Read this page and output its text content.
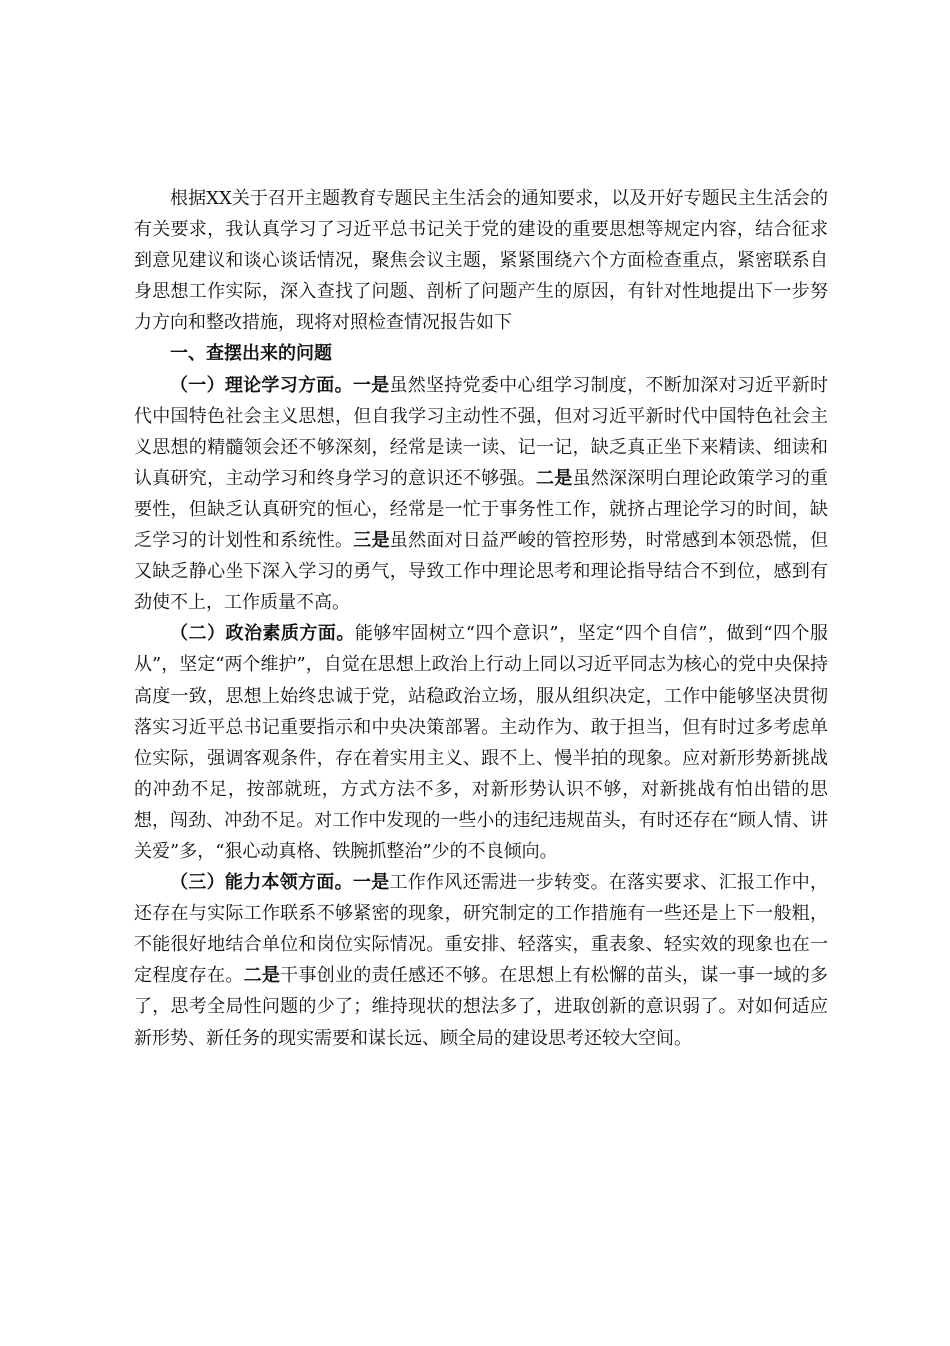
根据XX关于召开主题教育专题民主生活会的通知要求，以及开好专题民主生活会的有关要求，我认真学习了习近平总书记关于党的建设的重要思想等规定内容，结合征求到意见建议和谈心谈话情况，聚焦会议主题，紧紧围绕六个方面检查重点，紧密联系自身思想工作实际，深入查找了问题、剖析了问题产生的原因，有针对性地提出下一步努力方向和整改措施，现将对照检查情况报告如下

一、查摆出来的问题

（一）理论学习方面。一是虽然坚持党委中心组学习制度，不断加深对习近平新时代中国特色社会主义思想，但自我学习主动性不强，但对习近平新时代中国特色社会主义思想的精髓领会还不够深刻，经常是读一读、记一记，缺乏真正坐下来精读、细读和认真研究，主动学习和终身学习的意识还不够强。二是虽然深深明白理论政策学习的重要性，但缺乏认真研究的恒心，经常是一忙于事务性工作，就挤占理论学习的时间，缺乏学习的计划性和系统性。三是虽然面对日益严峻的管控形势，时常感到本领恐慌，但又缺乏静心坐下深入学习的勇气，导致工作中理论思考和理论指导结合不到位，感到有劲使不上，工作质量不高。

（二）政治素质方面。能够牢固树立“四个意识”，坚定“四个自信”，做到“四个服从”，坚定“两个维护”，自觉在思想上政治上行动上同以习近平同志为核心的党中央保持高度一致，思想上始终忠诚于党，站稳政治立场，服从组织决定，工作中能够坚决贯彻落实习近平总书记重要指示和中央决策部署。主动作为、敢于担当，但有时过多考虑单位实际，强调客观条件，存在着实用主义、跟不上、慢半拍的现象。应对新形势新挑战的冲劲不足，按部就班，方式方法不多，对新形势认识不够，对新挑战有怕出错的思想，闯劲、冲劲不足。对工作中发现的一些小的违纪违规苗头，有时还存在“顾人情、讲关爱”多，“狠心动真格、铁腕抓整治”少的不良倾向。

（三）能力本领方面。一是工作作风还需进一步转变。在落实要求、汇报工作中，还存在与实际工作联系不够紧密的现象，研究制定的工作措施有一些还是上下一般粗，不能很好地结合单位和岗位实际情况。重安排、轻落实，重表象、轻实效的现象也在一定程度存在。二是干事创业的责任感还不够。在思想上有松懈的苗头，谋一事一域的多了，思考全局性问题的少了；维持现状的想法多了，进取创新的意识弱了。对如何适应新形势、新任务的现实需要和谋长远、顾全局的建设思考还较大空间。
